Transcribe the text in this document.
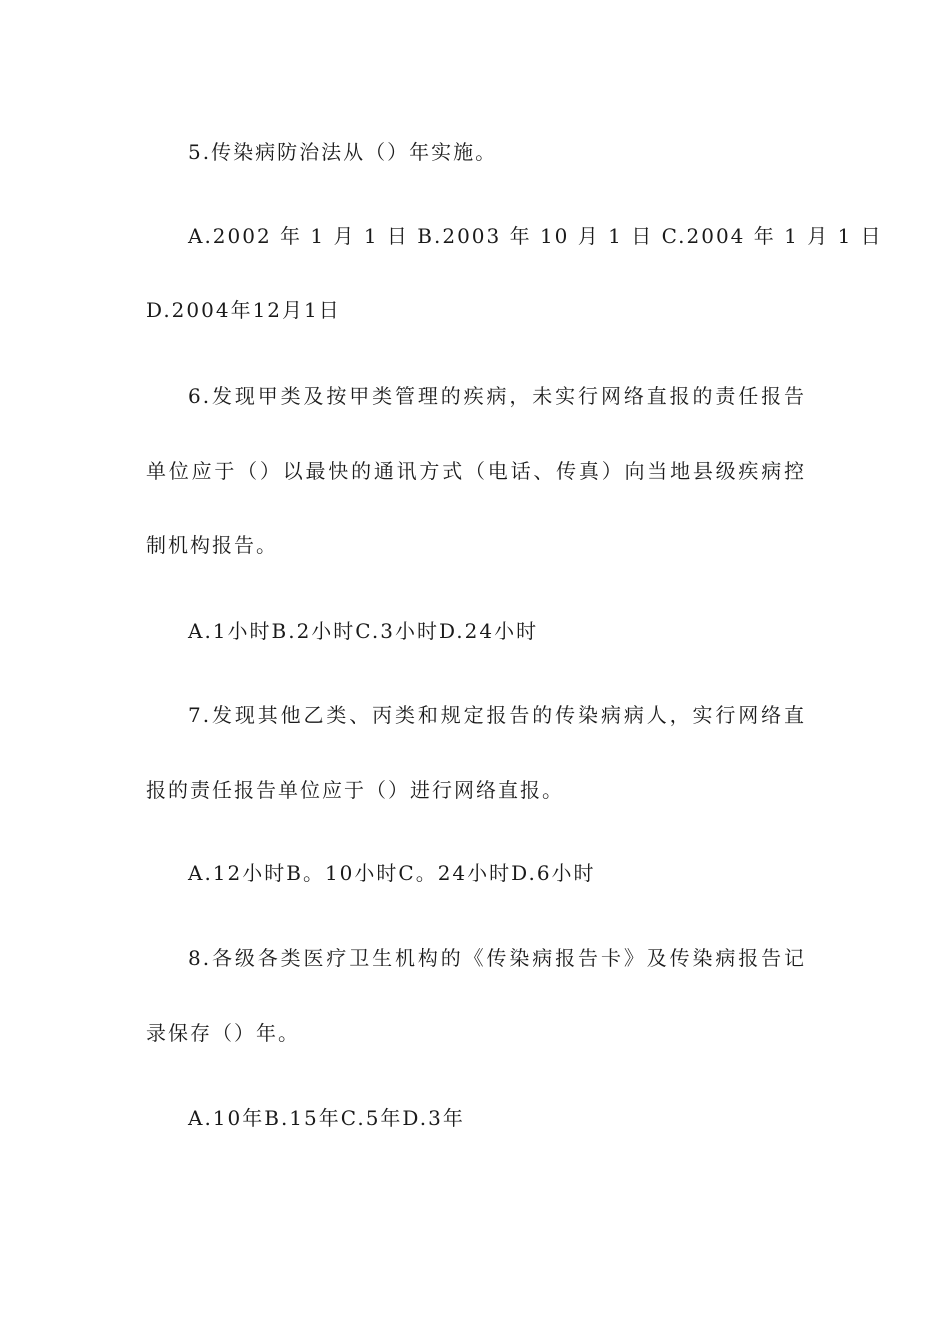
5.传染病防治法从（）年实施。
A.2002 年 1 月 1 日 B.2003 年 10 月 1 日 C.2004 年 1 月 1 日
D.2004年12月1日
6.发现甲类及按甲类管理的疾病，未实行网络直报的责任报告
单位应于（）以最快的通讯方式（电话、传真）向当地县级疾病控
制机构报告。
A.1小时B.2小时C.3小时D.24小时
7.发现其他乙类、丙类和规定报告的传染病病人，实行网络直
报的责任报告单位应于（）进行网络直报。
A.12小时B。10小时C。24小时D.6小时
8.各级各类医疗卫生机构的《传染病报告卡》及传染病报告记
录保存（）年。
A.10年B.15年C.5年D.3年
